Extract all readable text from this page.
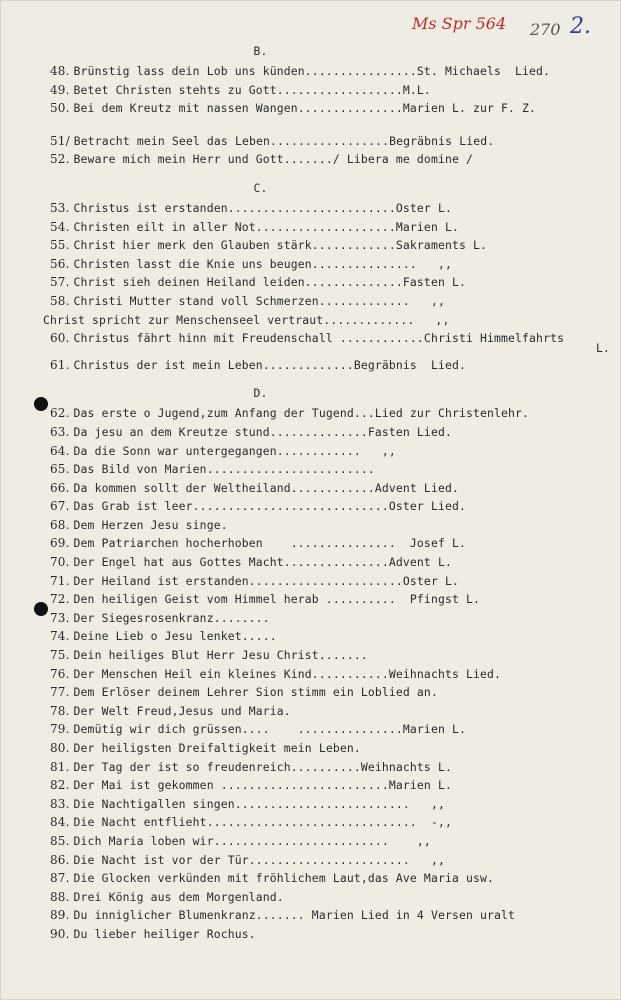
Ms Spr 564 270 2.
B.
48. Brünstig lass dein Lob uns künden................St. Michaels  Lied.
49. Betet Christen stehts zu Gott..................M.L.
50. Bei dem Kreutz mit nassen Wangen...............Marien L. zur F. Z.
51/ Betracht mein Seel das Leben.................Begräbnis Lied.
52. Beware mich mein Herr und Gott......./ Libera me domine /
C.
53. Christus ist erstanden........................Oster L.
54. Christen eilt in aller Not....................Marien L.
55. Christ hier merk den Glauben stärk............Sakraments L.
56. Christen lasst die Knie uns beugen...............   ,,
57. Christ sieh deinen Heiland leiden..............Fasten L.
58. Christi Mutter stand voll Schmerzen.............   ,,
Christ spricht zur Menschenseel vertraut.............   ,,
60. Christus fährt hinn mit Freudenschall ............Christi Himmelfahrts
61. Christus der ist mein Leben.............Begräbnis  Lied.
D.
62. Das erste o Jugend,zum Anfang der Tugend...Lied zur Christenlehr.
63. Da jesu an dem Kreutze stund..............Fasten Lied.
64. Da die Sonn war untergegangen............   ,,
65. Das Bild von Marien........................
66. Da kommen sollt der Weltheiland............Advent Lied.
67. Das Grab ist leer............................Oster Lied.
68. Dem Herzen Jesu singe.
69. Dem Patriarchen hocherhoben    ...............  Josef L.
70. Der Engel hat aus Gottes Macht...............Advent L.
71. Der Heiland ist erstanden......................Oster L.
72. Den heiligen Geist vom Himmel herab ..........  Pfingst L.
73. Der Siegesrosenkranz........
74. Deine Lieb o Jesu lenket.....
75. Dein heiliges Blut Herr Jesu Christ.......
76. Der Menschen Heil ein kleines Kind...........Weihnachts Lied.
77. Dem Erlöser deinem Lehrer Sion stimm ein Loblied an.
78. Der Welt Freud,Jesus und Maria.
79. Demütig wir dich grüssen....    ...............Marien L.
80. Der heiligsten Dreifaltigkeit mein Leben.
81. Der Tag der ist so freudenreich..........Weihnachts L.
82. Der Mai ist gekommen ........................Marien L.
83. Die Nachtigallen singen.........................   ,,
84. Die Nacht entflieht..............................  -,,
85. Dich Maria loben wir.........................    ,,
86. Die Nacht ist vor der Tür.......................   ,,
87. Die Glocken verkünden mit fröhlichem Laut,das Ave Maria usw.
88. Drei König aus dem Morgenland.
89. Du inniglicher Blumenkranz....... Marien Lied in 4 Versen uralt
90. Du lieber heiliger Rochus.
L.
